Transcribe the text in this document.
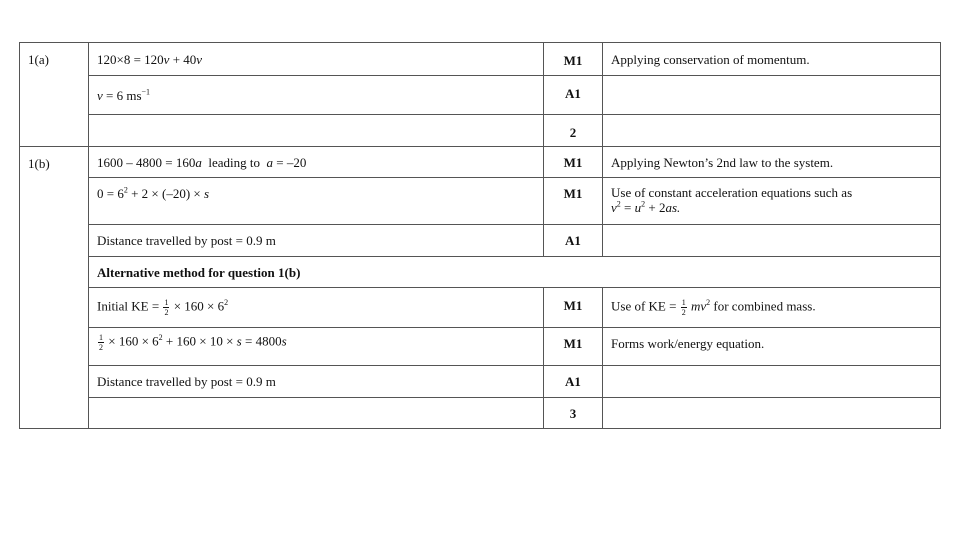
1(a)	120×8 = 120v + 40v	M1	Applying conservation of momentum.
	v = 6 $ms^{-1}$	A1	
		2	
1(b)	1600 – 4800 = 160a  leading to  a = –20	M1	Applying Newton’s 2nd law to the system.
	$0 = 6^2 + 2 \times (-20) \times s$	M1	Use of constant acceleration equations such as
$v^2 = u^2 + 2as$.

	Distance travelled by post = 0.9 m	A1	
	Alternative method for question 1(b)		
	Initial KE = $\frac{1}{2} \times 160 \times 6^2$	M1	Use of KE = $\frac{1}{2} mv^2$ for combined mass.

	$\frac{1}{2} \times 160 \times 6^2 + 160 \times 10 \times s = 4800s$	M1	Forms work/energy equation.
	Distance travelled by post = 0.9 m	A1	
		3	
